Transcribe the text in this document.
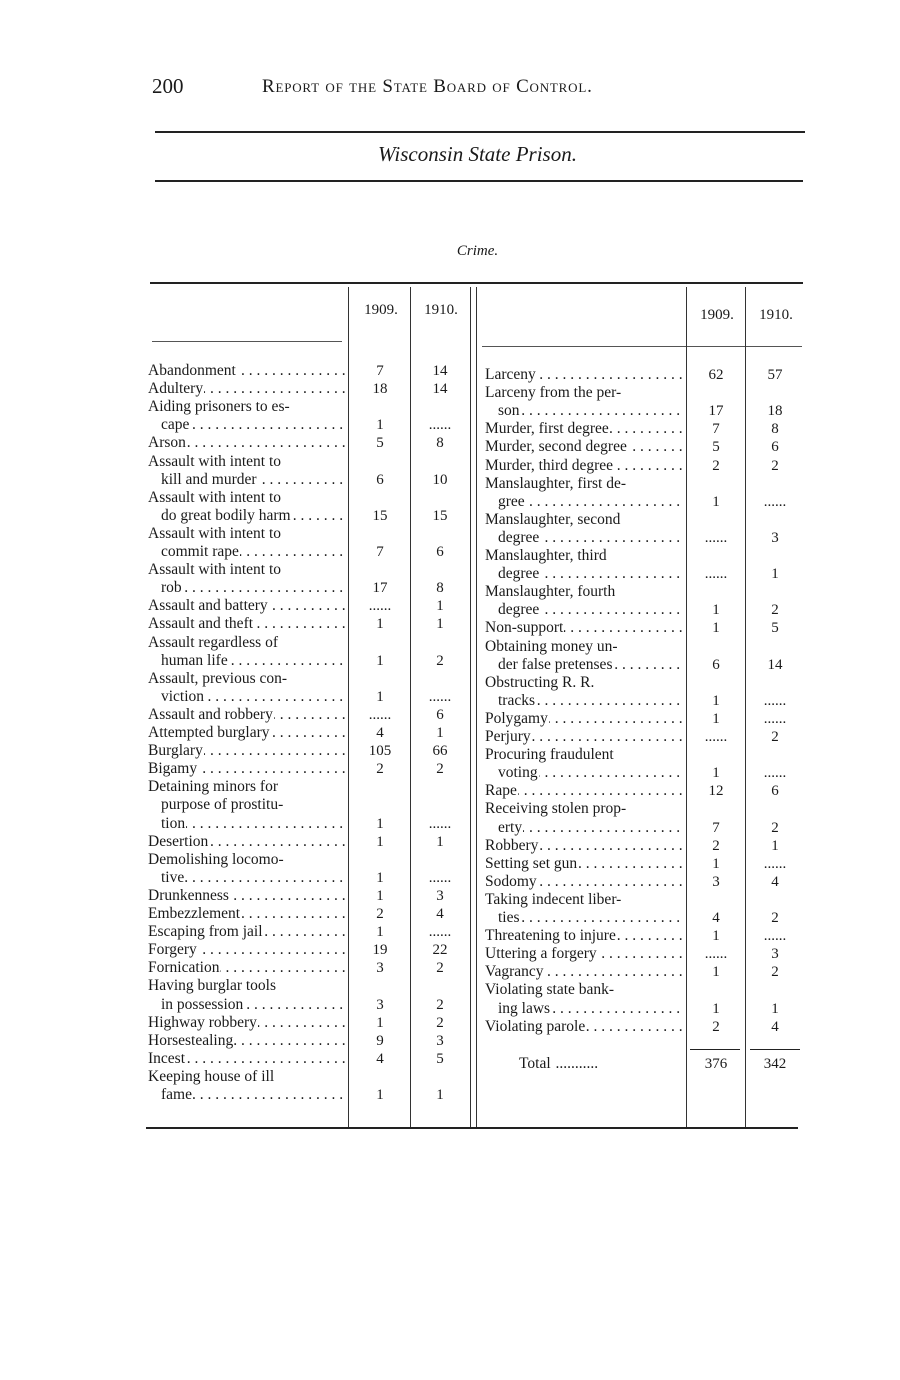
200	Report of the State Board of Control.
Wisconsin State Prison.
Crime.
1909.	1910.	1909.	1910.
Abandonment . . .	7	14
Adultery . . .	18	14
Aiding prisoners to es-
cape . . .	1	......
Arson . . .	5	8
Assault with intent to
kill and murder . . .	6	10
Assault with intent to
do great bodily harm . . .	15	15
Assault with intent to
commit rape . . .	7	6
Assault with intent to
rob . . .	17	8
Assault and battery . . .	......	1
Assault and theft . . .	1	1
Assault regardless of
human life . . .	1	2
Assault, previous con-
viction . . .	1	......
Assault and robbery . . .	......	6
Attempted burglary . . .	4	1
Burglary . . .	105	66
Bigamy . . .	2	2
Detaining minors for
purpose of prostitu-
tion . . .	1	......
Desertion . . .	1	1
Demolishing locomo-
tive . . .	1	......
Drunkenness . . .	1	3
Embezzlement . . .	2	4
Escaping from jail . . .	1	......
Forgery . . .	19	22
Fornication . . .	3	2
Having burglar tools
in possession . . .	3	2
Highway robbery . . .	1	2
Horsestealing . . .	9	3
Incest . . .	4	5
Keeping house of ill
fame . . .	1	1
Larceny . . .	62	57
Larceny from the per-
son . . .	17	18
Murder, first degree . . .	7	8
Murder, second degree . . .	5	6
Murder, third degree . . .	2	2
Manslaughter, first de-
gree . . .	1	......
Manslaughter, second
degree . . .	......	3
Manslaughter, third
degree . . .	......	1
Manslaughter, fourth
degree . . .	1	2
Non-support . . .	1	5
Obtaining money un-
der false pretenses . . .	6	14
Obstructing R. R.
tracks . . .	1	......
Polygamy . . .	1	......
Perjury . . .	......	2
Procuring fraudulent
voting . . .	1	......
Rape . . .	12	6
Receiving stolen prop-
erty . . .	7	2
Robbery . . .	2	1
Setting set gun . . .	1	......
Sodomy . . .	3	4
Taking indecent liber-
ties . . .	4	2
Threatening to injure . . .	1	......
Uttering a forgery . . .	......	3
Vagrancy . . .	1	2
Violating state bank-
ing laws . . .	1	1
Violating parole . . .	2	4
Total ...........	376	342
